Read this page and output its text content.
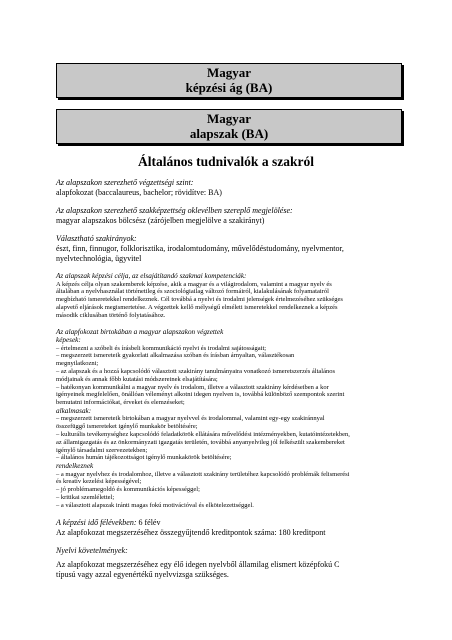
Magyar
képzési ág (BA)
Magyar
alapszak (BA)
Általános tudnivalók a szakról

Az alapszakon szerezhető végzettségi szint:

alapfokozat (baccalaureus, bachelor; rövidítve: BA)

Az alapszakon szerezhető szakképzettség oklevélben szereplő megjelölése:

magyar alapszakos bölcsész (zárójelben megjelölve a szakirányt)

Választható szakirányok:

észt, finn, finnugor, folklorisztika, irodalomtudomány, művelődéstudomány, nyelvmentor,

nyelvtechnológia, ügyvitel

Az alapszak képzési célja, az elsajátítandó szakmai kompetenciák:

A képzés célja olyan szakemberek képzése, akik a magyar és a világirodalom, valamint a magyar nyelv és
általában a nyelvhasználat történetileg és szociológiailag változó formáiról, kialakulásának folyamatairól
megbízható ismeretekkel rendelkeznek. Cél továbbá a nyelvi és irodalmi jelenségek értelmezéséhez szükséges
alapvető eljárások megismertetése. A végzettek kellő mélységű elméleti ismeretekkel rendelkeznek a képzés
második ciklusában történő folytatásához.

Az alapfokozat birtokában a magyar alapszakon végzettek

képesek:

– értelmezni a szóbeli és írásbeli kommunikáció nyelvi és irodalmi sajátosságait;
– megszerzett ismereteik gyakorlati alkalmazása szóban és írásban árnyaltan, választékosan
megnyilatkozni;
– az alapszak és a hozzá kapcsolódó választott szakirány tanulmányaira vonatkozó ismeretszerzés általános
módjainak és annak főbb kutatási módszereinek elsajátítására;
– hatékonyan kommunikálni a magyar nyelv és irodalom, illetve a választott szakirány kérdéseiben a kor
igényeinek megfelelően, önállóan véleményt alkotni idegen nyelven is, továbbá különböző szempontok szerint
bemutatni információkat, érveket és elemzéseket;

alkalmasak:

– megszerzett ismereteik birtokában a magyar nyelvvel és irodalommal, valamint egy-egy szakiránnyal
összefüggő ismereteket igénylő munkakör betöltésére;
– kulturális tevékenységhez kapcsolódó feladatkörök ellátására művelődési intézményekben, kutatóintézetekben,
az államigazgatás és az önkormányzati igazgatás területén, továbbá anyanyelvileg jól felkészült szakembereket
igénylő társadalmi szervezetekben;
– általános humán tájékozottságot igénylő munkakörök betöltésére;

rendelkeznek

– a magyar nyelvhez és irodalomhoz, illetve a választott szakirány területéhez kapcsolódó problémák felismerési
és kreatív kezelési képességével;
– jó problémamegoldó és kommunikációs képességgel;
– kritikai szemlélettel;
– a választott alapszak iránti magas fokú motivációval és elkötelezettséggel.

A képzési idő félévekben: 6 félév

Az alapfokozat megszerzéséhez összegyűjtendő kreditpontok száma: 180 kreditpont

Nyelvi követelmények:

Az alapfokozat megszerzéséhez egy élő idegen nyelvből államilag elismert középfokú C

típusú vagy azzal egyenértékű nyelvvizsga szükséges.
